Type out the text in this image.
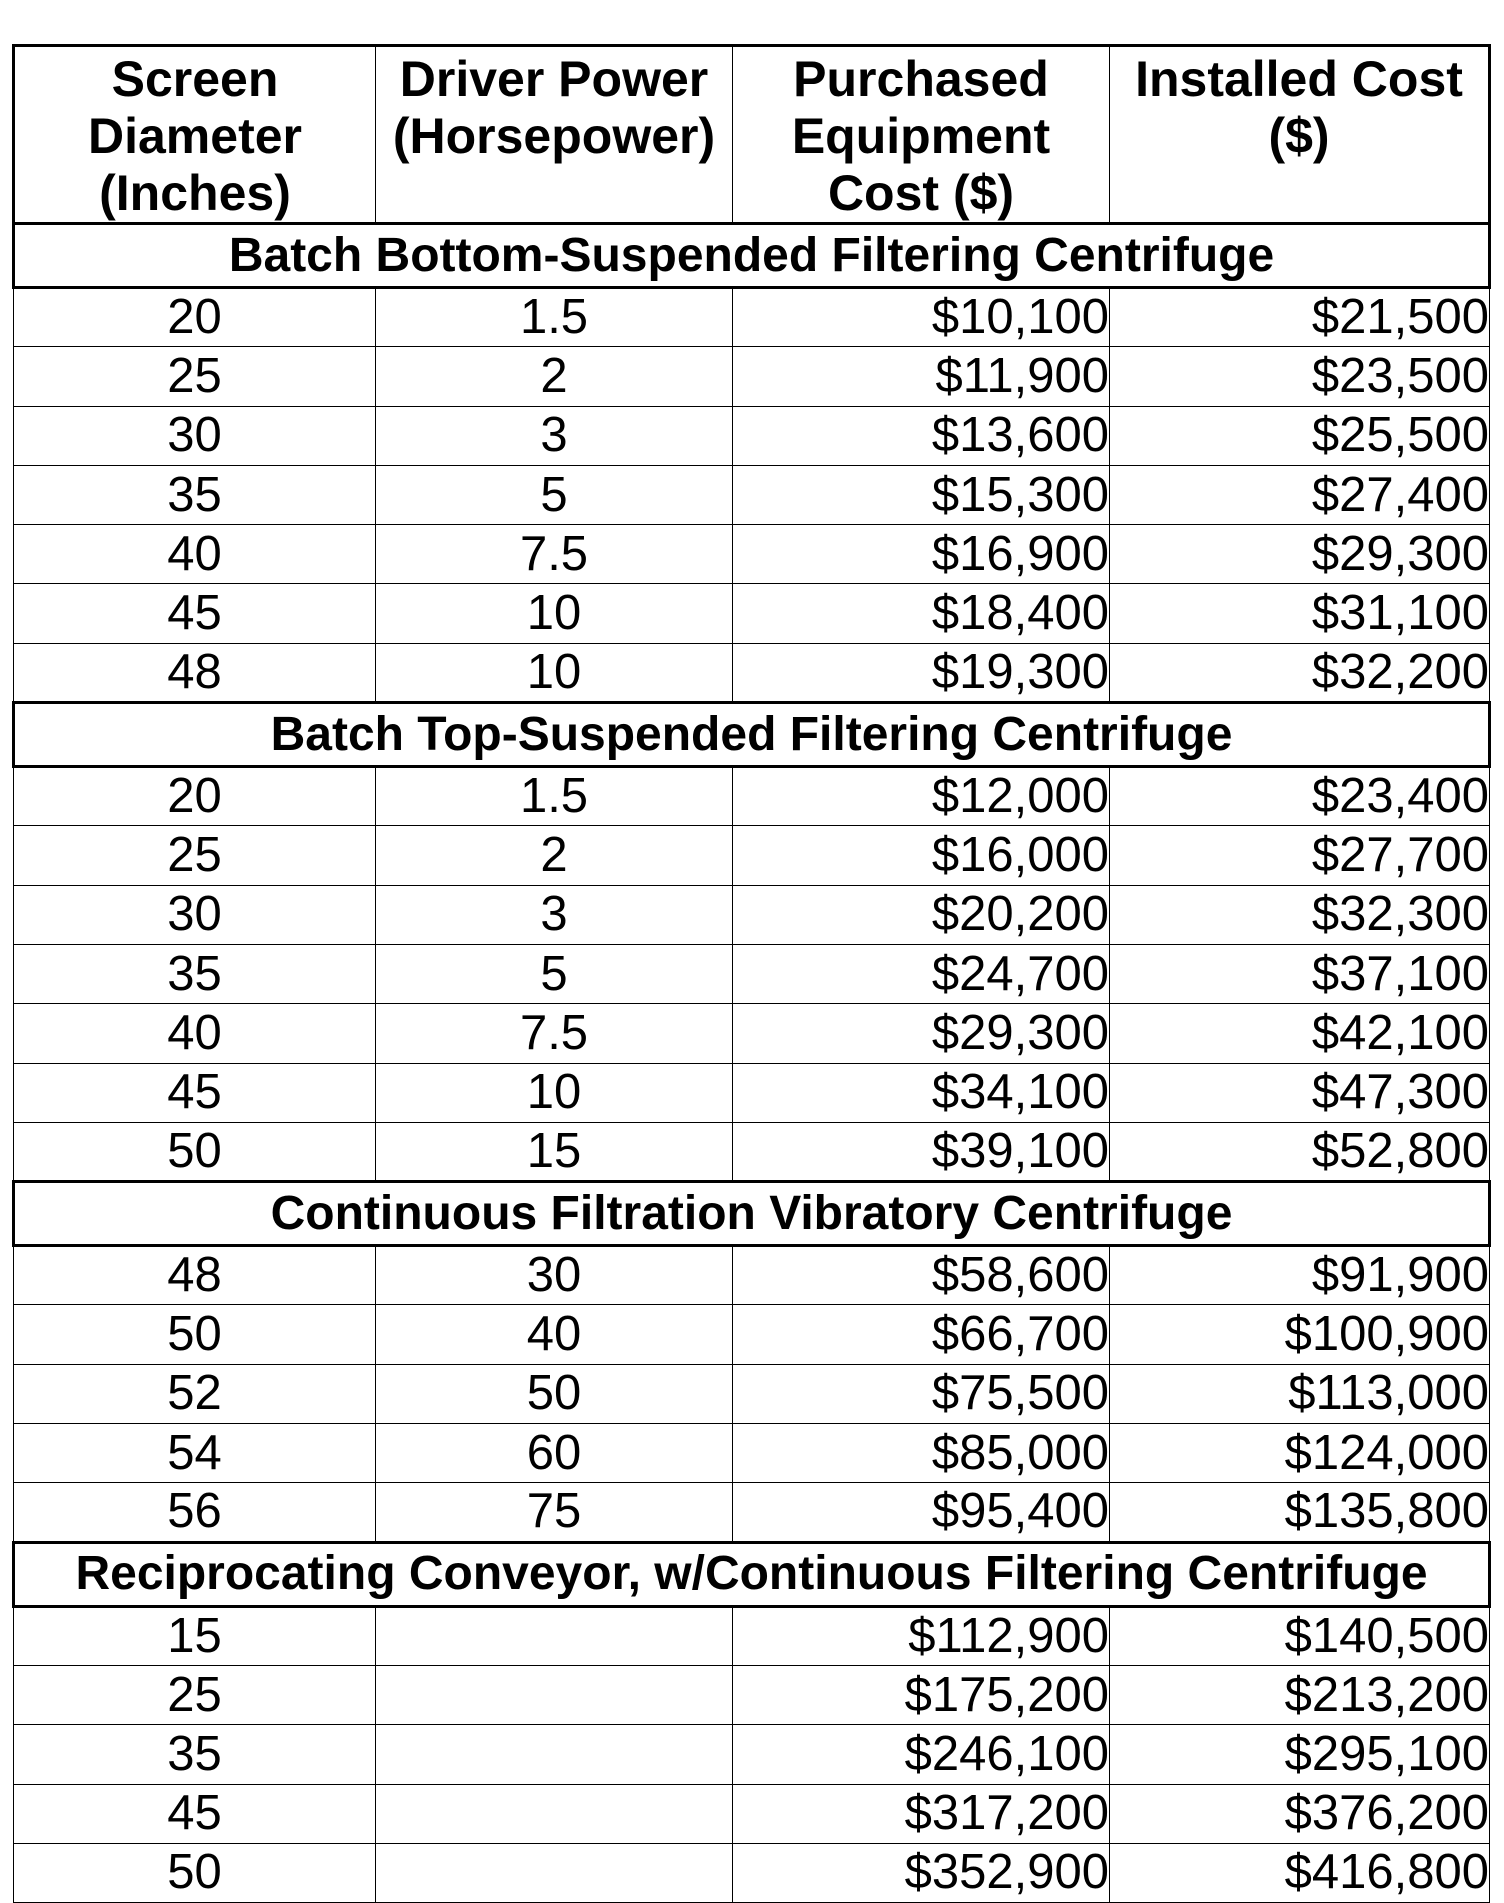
Screen Diameter (Inches)	Driver Power (Horsepower)	Purchased Equipment Cost ($)	Installed Cost ($)
Batch Bottom-Suspended Filtering Centrifuge			
20	1.5	$10,100	$21,500
25	2	$11,900	$23,500
30	3	$13,600	$25,500
35	5	$15,300	$27,400
40	7.5	$16,900	$29,300
45	10	$18,400	$31,100
48	10	$19,300	$32,200
Batch Top-Suspended Filtering Centrifuge			
20	1.5	$12,000	$23,400
25	2	$16,000	$27,700
30	3	$20,200	$32,300
35	5	$24,700	$37,100
40	7.5	$29,300	$42,100
45	10	$34,100	$47,300
50	15	$39,100	$52,800
Continuous Filtration Vibratory Centrifuge			
48	30	$58,600	$91,900
50	40	$66,700	$100,900
52	50	$75,500	$113,000
54	60	$85,000	$124,000
56	75	$95,400	$135,800
Reciprocating Conveyor, w/Continuous Filtering Centrifuge			
15		$112,900	$140,500
25		$175,200	$213,200
35		$246,100	$295,100
45		$317,200	$376,200
50		$352,900	$416,800
